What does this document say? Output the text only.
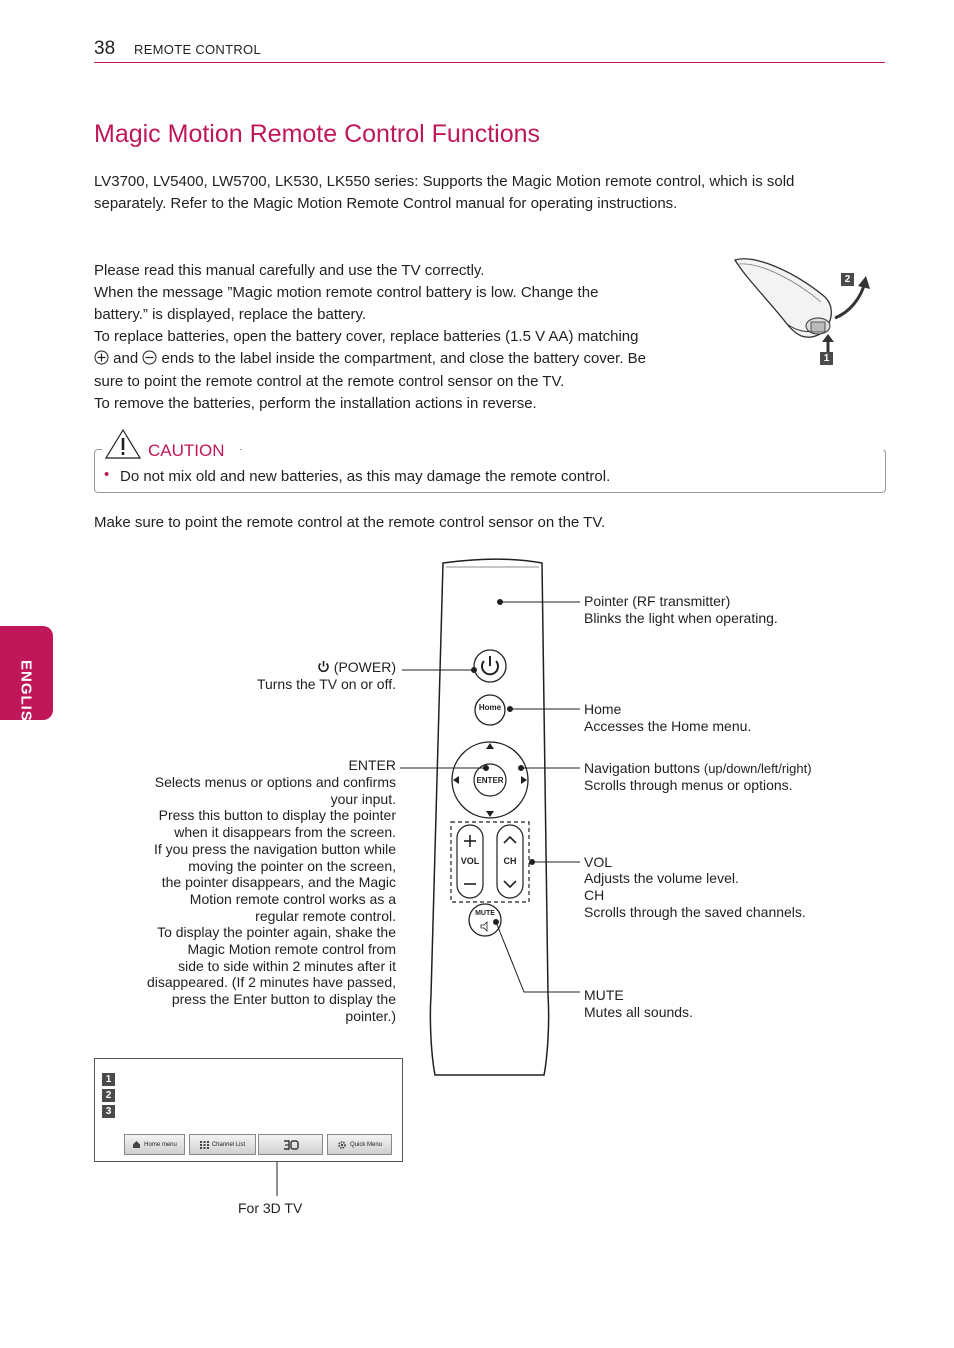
38 REMOTE CONTROL
ENGLISH
Magic Motion Remote Control Functions
LV3700, LV5400, LW5700, LK530, LK550 series: Supports the Magic Motion remote control, which is sold
separately. Refer to the Magic Motion Remote Control manual for operating instructions.
Please read this manual carefully and use the TV correctly.
When the message ”Magic motion remote control battery is low. Change the
battery.” is displayed, replace the battery.
To replace batteries, open the battery cover, replace batteries (1.5 V AA) matching
and ends to the label inside the compartment, and close the battery cover. Be
sure to point the remote control at the remote control sensor on the TV.
To remove the batteries, perform the installation actions in reverse.
2
1
CAUTION
• Do not mix old and new batteries, as this may damage the remote control.
Make sure to point the remote control at the remote control sensor on the TV.
Home
ENTER
VOL	CH
MUTE
Pointer (RF transmitter)
Blinks the light when operating.
Home
Accesses the Home menu.
Navigation buttons (up/down/left/right)
Scrolls through menus or options.
VOL
Adjusts the volume level.
CH
Scrolls through the saved channels.
MUTE
Mutes all sounds.
(POWER)
Turns the TV on or off.
ENTER
Selects menus or options and confirms
your input.
Press this button to display the pointer
when it disappears from the screen.
If you press the navigation button while
moving the pointer on the screen,
the pointer disappears, and the Magic
Motion remote control works as a
regular remote control.
To display the pointer again, shake the
Magic Motion remote control from
side to side within 2 minutes after it
disappeared. (If 2 minutes have passed,
press the Enter button to display the
pointer.)
1
2
3
Home menu	Channel List	Quick Menu
For 3D TV
